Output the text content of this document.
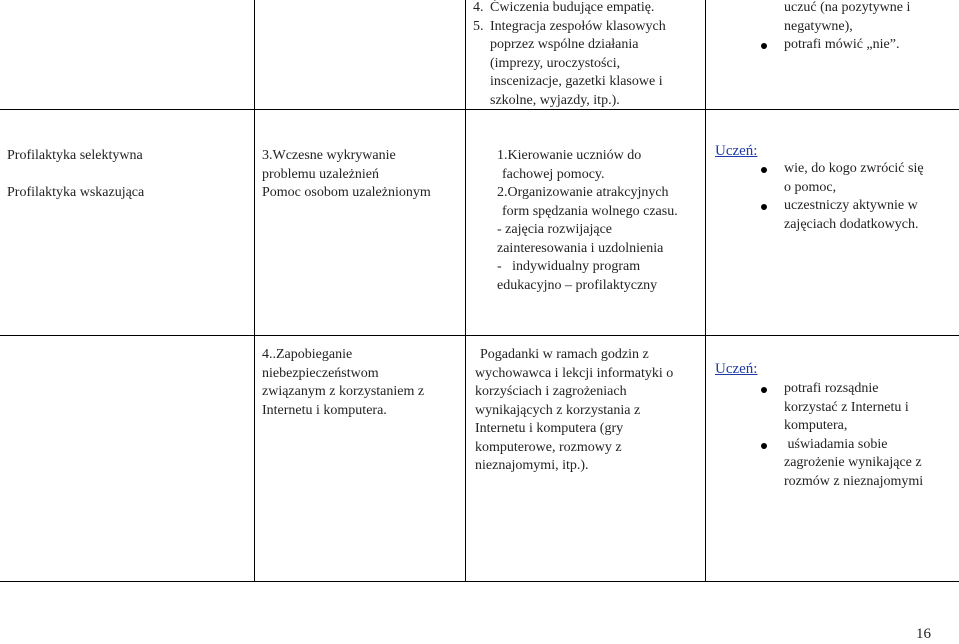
4. Ćwiczenia budujące empatię.
5. Integracja zespołów klasowych
poprzez wspólne działania
(imprezy, uroczystości,
inscenizacje, gazetki klasowe i
szkolne, wyjazdy, itp.).
uczuć (na pozytywne i
negatywne),
potrafi mówić „nie”.
Profilaktyka selektywna
Profilaktyka wskazująca
3.Wczesne wykrywanie
problemu uzależnień
Pomoc osobom uzależnionym
1.Kierowanie uczniów do
fachowej pomocy.
2.Organizowanie atrakcyjnych
form spędzania wolnego czasu.
- zajęcia rozwijające
zainteresowania i uzdolnienia
-   indywidualny program
edukacyjno – profilaktyczny
Uczeń:
wie, do kogo zwrócić się
o pomoc,
uczestniczy aktywnie w
zajęciach dodatkowych.
4..Zapobieganie
niebezpieczeństwom
związanym z korzystaniem z
Internetu i komputera.
Pogadanki w ramach godzin z
wychowawca i lekcji informatyki o
korzyściach i zagrożeniach
wynikających z korzystania z
Internetu i komputera (gry
komputerowe, rozmowy z
nieznajomymi, itp.).
Uczeń:
potrafi rozsądnie
korzystać z Internetu i
komputera,
uświadamia sobie
zagrożenie wynikające z
rozmów z nieznajomymi
16
